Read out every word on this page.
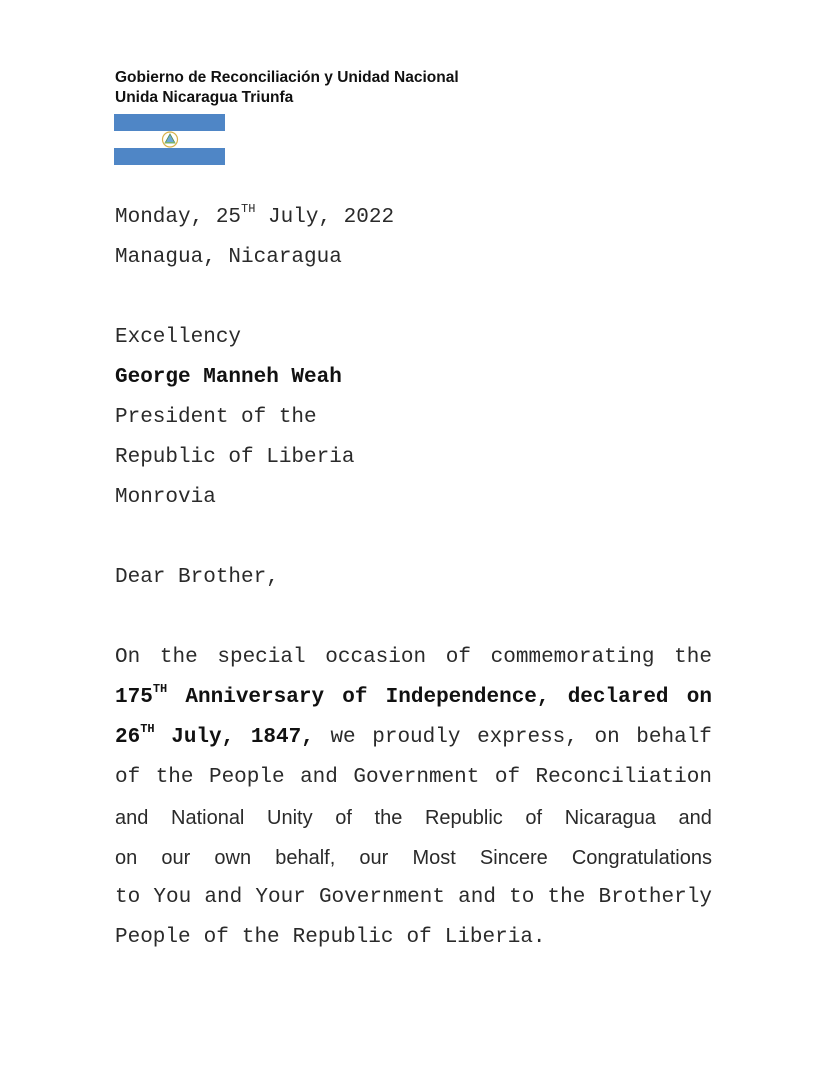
Gobierno de Reconciliación y Unidad Nacional
Unida Nicaragua Triunfa
Monday, 25TH July, 2022
Managua, Nicaragua
Excellency
George Manneh Weah
President of the
Republic of Liberia
Monrovia
Dear Brother,
On the special occasion of commemorating the
175TH Anniversary of Independence, declared on
26TH July, 1847, we proudly express, on behalf
of the People and Government of Reconciliation
and National Unity of the Republic of Nicaragua and
on our own behalf, our Most Sincere Congratulations
to You and Your Government and to the Brotherly
People of the Republic of Liberia.
